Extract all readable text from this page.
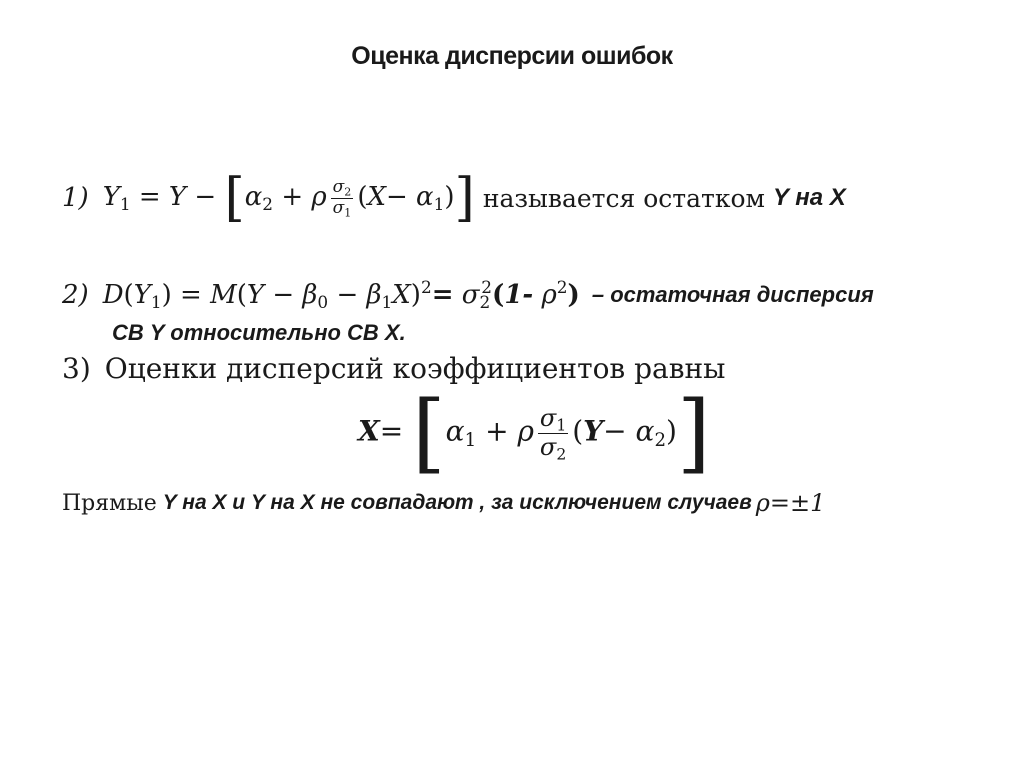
Оценка дисперсии ошибок
1) $Y_1 = Y - [\alpha_2 + \rho \frac{\sigma_2}{\sigma_1} (X- \alpha_1)]$ называется остатком Y на X
2) $D(Y_1) = M(Y - \beta_0 - \beta_1X)^2= \sigma_2^2(1-$ $\rho^2$) – остаточная дисперсия
СВ Y относительно СВ X.
3) Оценки дисперсий коэффициентов равны
$X= [\alpha_1 + \rho \frac{\sigma_1}{\sigma_2} (Y- \alpha_2)]$
Прямые Y на X и Y на X не совпадают , за исключением случаев ρ=±1
